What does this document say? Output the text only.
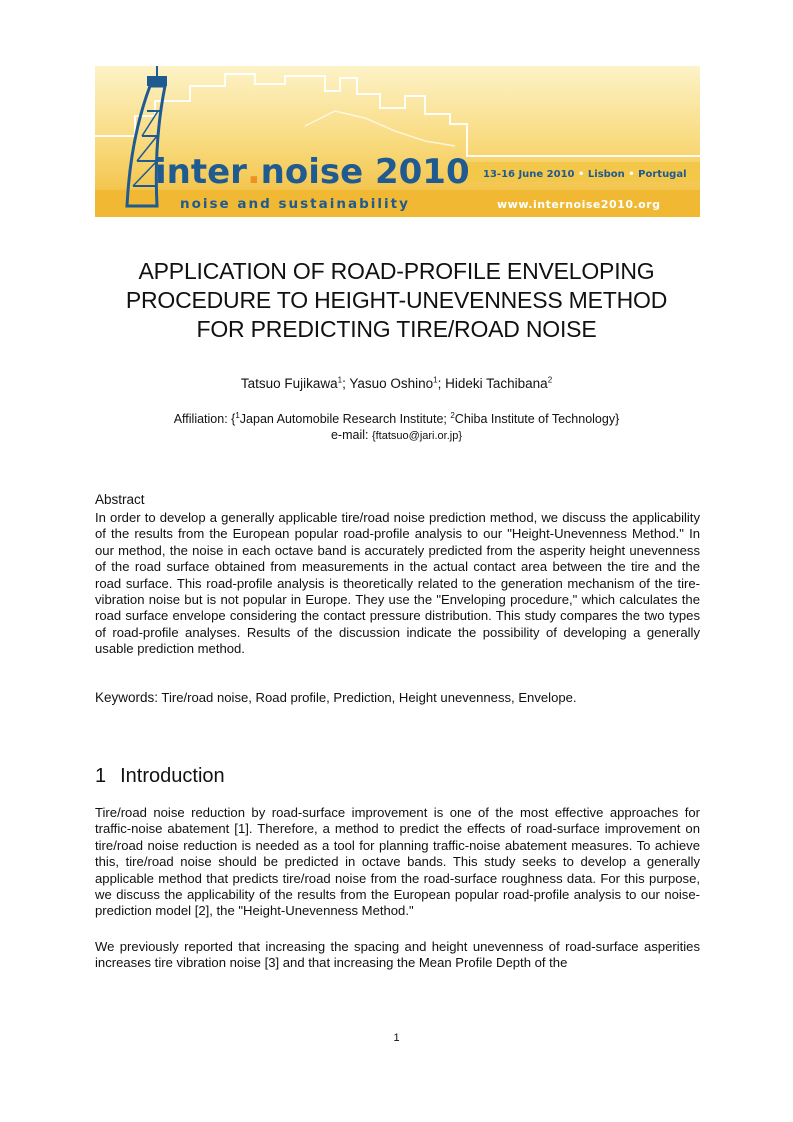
inter.noise 2010
noise and sustainability
13-16 June 2010 • Lisbon • Portugal
www.internoise2010.org
APPLICATION OF ROAD-PROFILE ENVELOPING
PROCEDURE TO HEIGHT-UNEVENNESS METHOD
FOR PREDICTING TIRE/ROAD NOISE
Tatsuo Fujikawa$^1$; Yasuo Oshino$^1$; Hideki Tachibana$^2$
Affiliation: {$^1$Japan Automobile Research Institute; $^2$Chiba Institute of Technology}
e-mail: {ftatsuo@jari.or.jp}
Abstract

In order to develop a generally applicable tire/road noise prediction method, we discuss the applicability of the results from the European popular road-profile analysis to our "Height-Unevenness Method." In our method, the noise in each octave band is accurately predicted from the asperity height unevenness of the road surface obtained from measurements in the actual contact area between the tire and the road surface. This road-profile analysis is theoretically related to the generation mechanism of the tire-vibration noise but is not popular in Europe. They use the "Enveloping procedure," which calculates the road surface envelope considering the contact pressure distribution. This study compares the two types of road-profile analyses. Results of the discussion indicate the possibility of developing a generally usable prediction method.

Keywords: Tire/road noise, Road profile, Prediction, Height unevenness, Envelope.

1 Introduction

Tire/road noise reduction by road-surface improvement is one of the most effective approaches for traffic-noise abatement [1]. Therefore, a method to predict the effects of road-surface improvement on tire/road noise reduction is needed as a tool for planning traffic-noise abatement measures. To achieve this, tire/road noise should be predicted in octave bands. This study seeks to develop a generally applicable method that predicts tire/road noise from the road-surface roughness data. For this purpose, we discuss the applicability of the results from the European popular road-profile analysis to our noise-prediction model [2], the "Height-Unevenness Method."

We previously reported that increasing the spacing and height unevenness of road-surface asperities increases tire vibration noise [3] and that increasing the Mean Profile Depth of the

1
